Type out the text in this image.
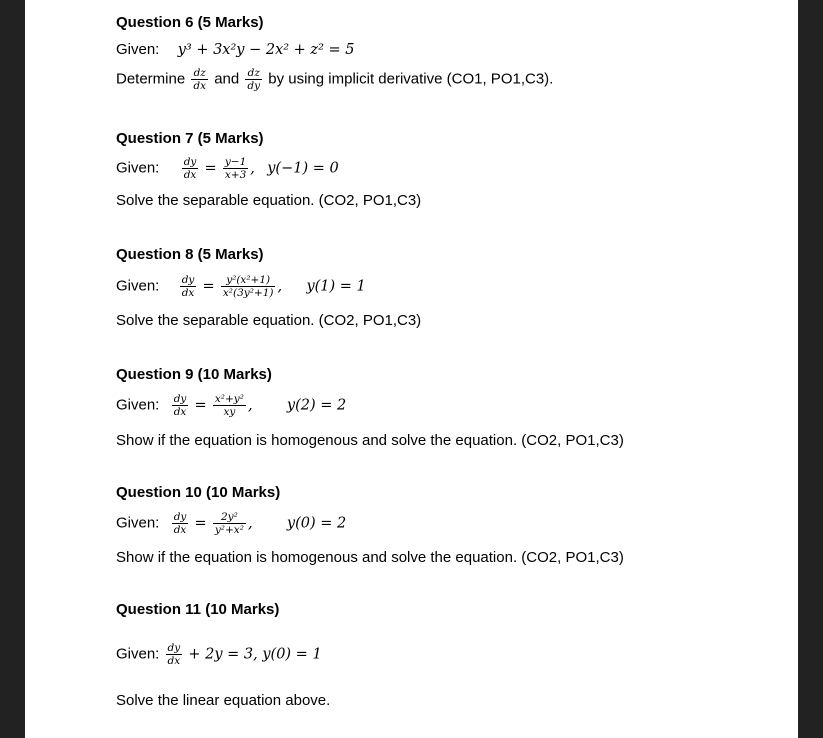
Question 6 (5 Marks)
Given: y³ + 3x²y − 2x² + z² = 5
Determine $\frac{dz}{dx}$ and $\frac{dz}{dy}$ by using implicit derivative (CO1, PO1,C3).
Question 7 (5 Marks)
Given: $\frac{dy}{dx} = \frac{y-1}{x+3}$ , y(−1) = 0
Solve the separable equation. (CO2, PO1,C3)
Question 8 (5 Marks)
Given: $\frac{dy}{dx} = \frac{\text{y²(x²+1)}}{\text{x²(3y²+1)}}$ , y(1) = 1
Solve the separable equation. (CO2, PO1,C3)
Question 9 (10 Marks)
Given: $\frac{dy}{dx} = \frac{\text{x²+y²}}{xy}$ , y(2) = 2
Show if the equation is homogenous and solve the equation. (CO2, PO1,C3)
Question 10 (10 Marks)
Given: $\frac{dy}{dx} = \frac{\text{2y²}}{\text{y²+x²}}$ , y(0) = 2
Show if the equation is homogenous and solve the equation. (CO2, PO1,C3)
Question 11 (10 Marks)
Given: $\frac{dy}{dx} + 2y = 3$, y(0) = 1
Solve the linear equation above.
